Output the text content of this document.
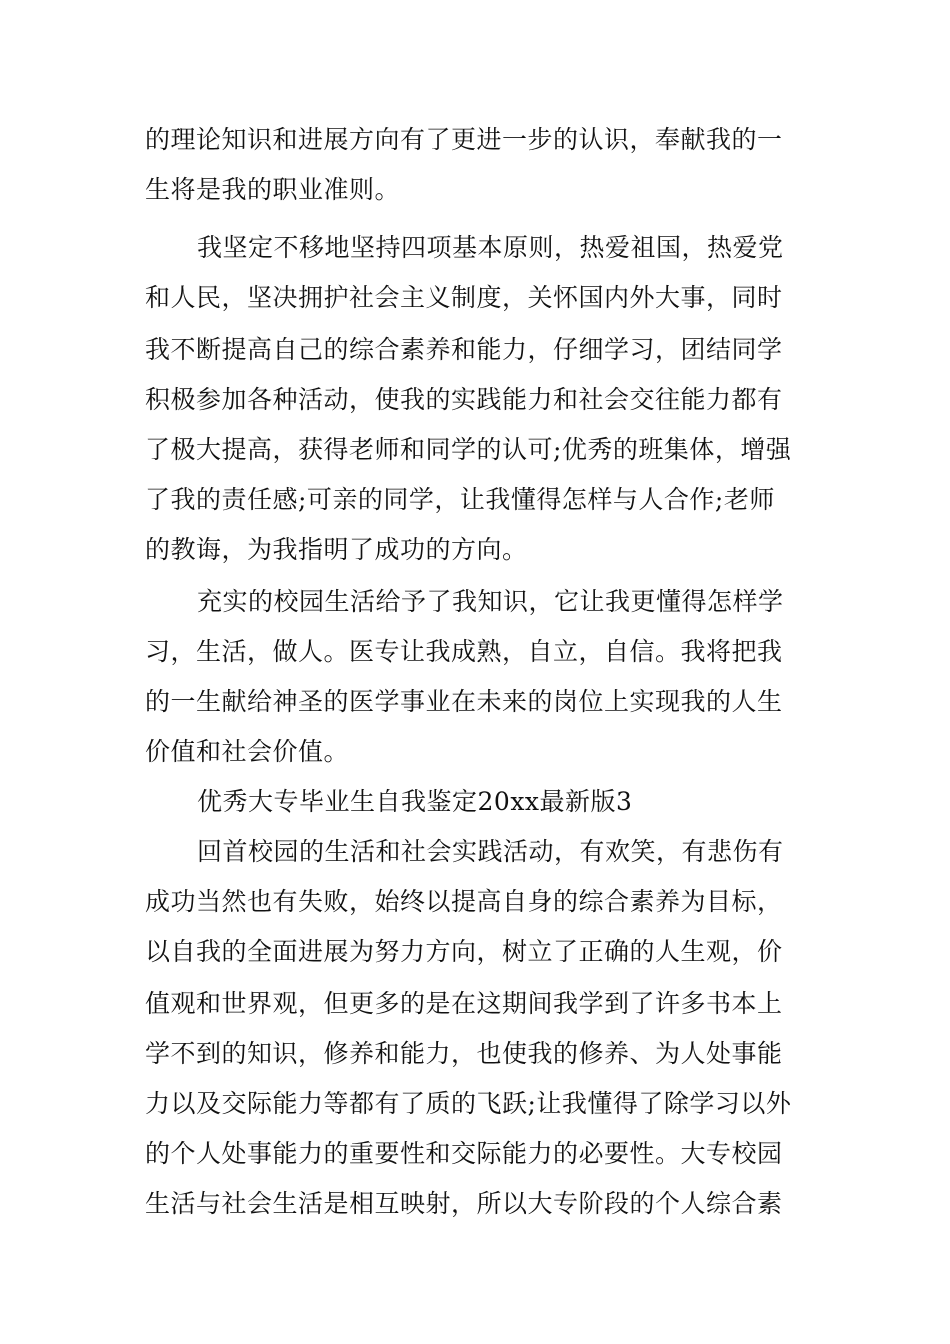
的理论知识和进展方向有了更进一步的认识，奉献我的一
生将是我的职业准则。
我坚定不移地坚持四项基本原则，热爱祖国，热爱党
和人民，坚决拥护社会主义制度，关怀国内外大事，同时
我不断提高自己的综合素养和能力，仔细学习，团结同学
积极参加各种活动，使我的实践能力和社会交往能力都有
了极大提高，获得老师和同学的认可;优秀的班集体，增强
了我的责任感;可亲的同学，让我懂得怎样与人合作;老师
的教诲，为我指明了成功的方向。
充实的校园生活给予了我知识，它让我更懂得怎样学
习，生活，做人。医专让我成熟，自立，自信。我将把我
的一生献给神圣的医学事业在未来的岗位上实现我的人生
价值和社会价值。
优秀大专毕业生自我鉴定20xx最新版3
回首校园的生活和社会实践活动，有欢笑，有悲伤有
成功当然也有失败，始终以提高自身的综合素养为目标，
以自我的全面进展为努力方向，树立了正确的人生观，价
值观和世界观，但更多的是在这期间我学到了许多书本上
学不到的知识，修养和能力，也使我的修养、为人处事能
力以及交际能力等都有了质的飞跃;让我懂得了除学习以外
的个人处事能力的重要性和交际能力的必要性。大专校园
生活与社会生活是相互映射，所以大专阶段的个人综合素
